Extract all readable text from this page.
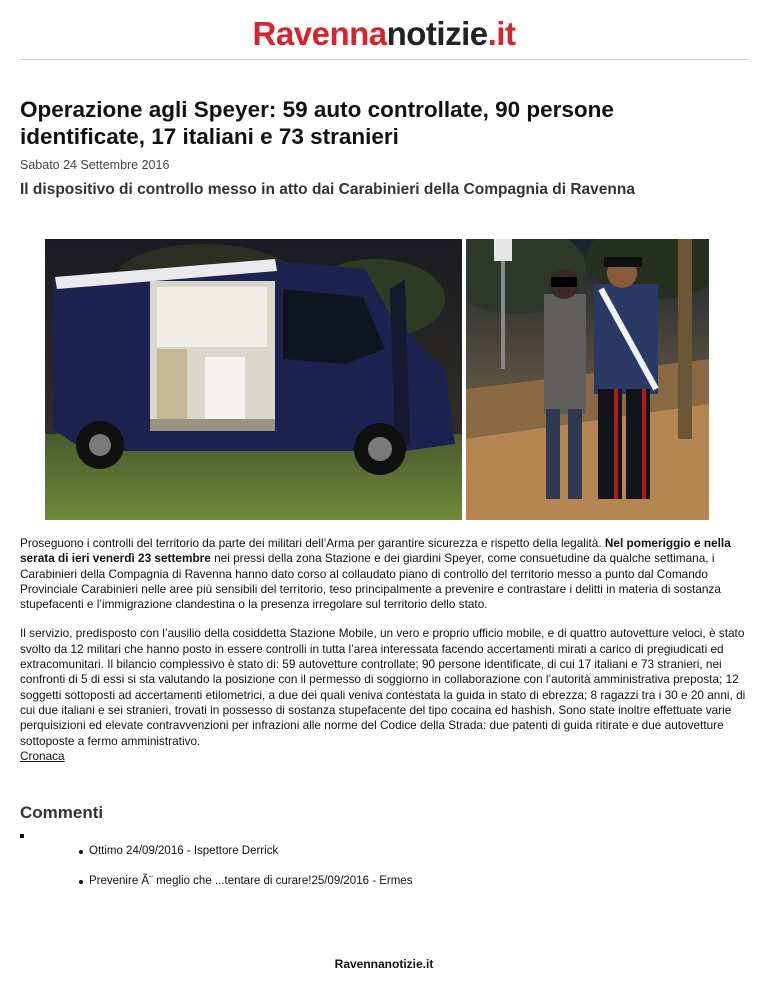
Ravennanotizie.it
Operazione agli Speyer: 59 auto controllate, 90 persone identificate, 17 italiani e 73 stranieri
Sabato 24 Settembre 2016
Il dispositivo di controllo messo in atto dai Carabinieri della Compagnia di Ravenna

Proseguono i controlli del territorio da parte dei militari dell’Arma per garantire sicurezza e rispetto della legalità. Nel pomeriggio e nella serata di ieri venerdì 23 settembre nei pressi della zona Stazione e dei giardini Speyer, come consuetudine da qualche settimana, i Carabinieri della Compagnia di Ravenna hanno dato corso al collaudato piano di controllo del territorio messo a punto dal Comando Provinciale Carabinieri nelle aree più sensibili del territorio, teso principalmente a prevenire e contrastare i delitti in materia di sostanza stupefacenti e l’immigrazione clandestina o la presenza irregolare sul territorio dello stato.

Il servizio, predisposto con l’ausilio della cosiddetta Stazione Mobile, un vero e proprio ufficio mobile, e di quattro autovetture veloci, è stato svolto da 12 militari che hanno posto in essere controlli in tutta l’area interessata facendo accertamenti mirati a carico di pregiudicati ed extracomunitari. Il bilancio complessivo è stato di: 59 autovetture controllate; 90 persone identificate, di cui 17 italiani e 73 stranieri, nei confronti di 5 di essi si sta valutando la posizione con il permesso di soggiorno in collaborazione con l’autorità amministrativa preposta; 12 soggetti sottoposti ad accertamenti etilometrici, a due dei quali veniva contestata la guida in stato di ebrezza; 8 ragazzi tra i 30 e 20 anni, di cui due italiani e sei stranieri, trovati in possesso di sostanza stupefacente del tipo cocaina ed hashish. Sono state inoltre effettuate varie perquisizioni ed elevate contravvenzioni per infrazioni alle norme del Codice della Strada: due patenti di guida ritirate e due autovetture sottoposte a fermo amministrativo.
Cronaca

Commenti
Ottimo 24/09/2016 - Ispettore Derrick
Prevenire Ã¨ meglio che ...tentare di curare!25/09/2016 - Ermes
Ravennanotizie.it
